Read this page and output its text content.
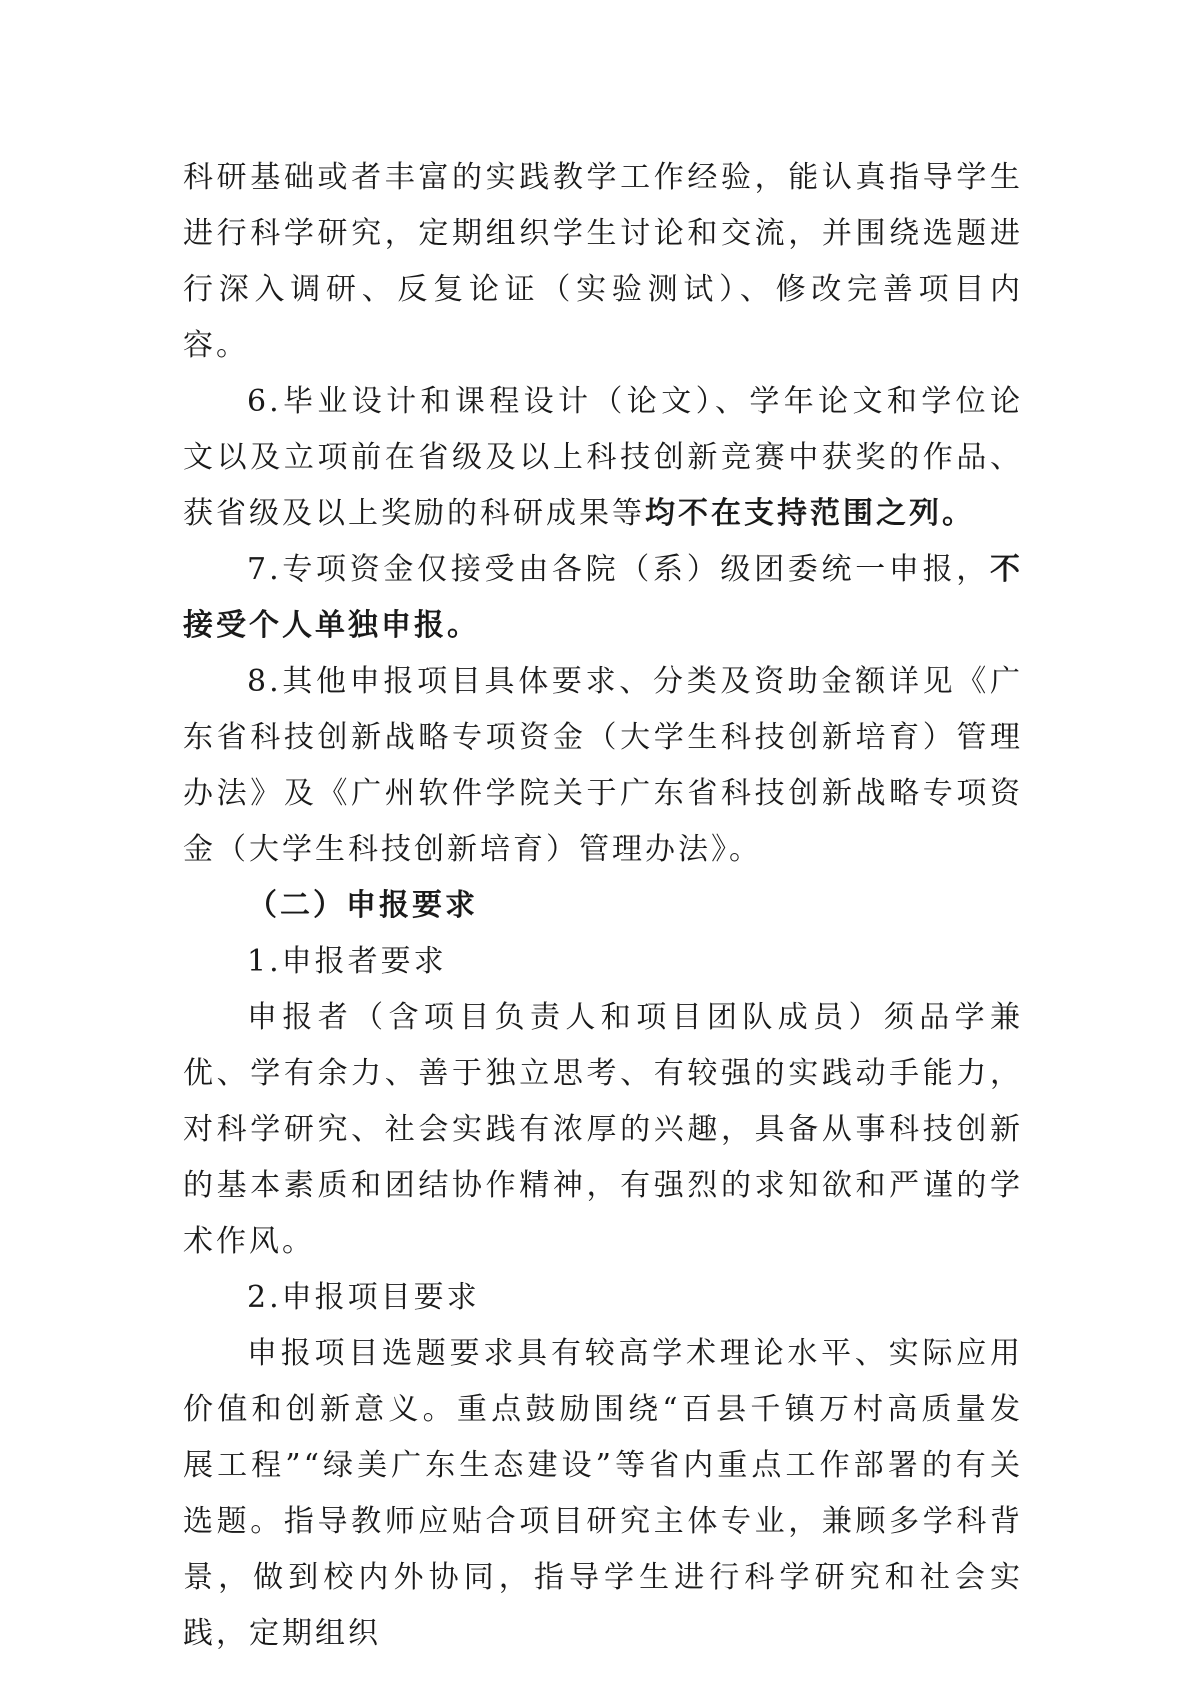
科研基础或者丰富的实践教学工作经验，能认真指导学生进行科学研究，定期组织学生讨论和交流，并围绕选题进行深入调研、反复论证（实验测试）、修改完善项目内容。

6.毕业设计和课程设计（论文）、学年论文和学位论文以及立项前在省级及以上科技创新竞赛中获奖的作品、获省级及以上奖励的科研成果等均不在支持范围之列。

7.专项资金仅接受由各院（系）级团委统一申报，不接受个人单独申报。

8.其他申报项目具体要求、分类及资助金额详见《广东省科技创新战略专项资金（大学生科技创新培育）管理办法》及《广州软件学院关于广东省科技创新战略专项资金（大学生科技创新培育）管理办法》。

（二）申报要求

1.申报者要求

申报者（含项目负责人和项目团队成员）须品学兼优、学有余力、善于独立思考、有较强的实践动手能力，对科学研究、社会实践有浓厚的兴趣，具备从事科技创新的基本素质和团结协作精神，有强烈的求知欲和严谨的学术作风。

2.申报项目要求

申报项目选题要求具有较高学术理论水平、实际应用价值和创新意义。重点鼓励围绕“百县千镇万村高质量发展工程”“绿美广东生态建设”等省内重点工作部署的有关选题。指导教师应贴合项目研究主体专业，兼顾多学科背景，做到校内外协同，指导学生进行科学研究和社会实践，定期组织
